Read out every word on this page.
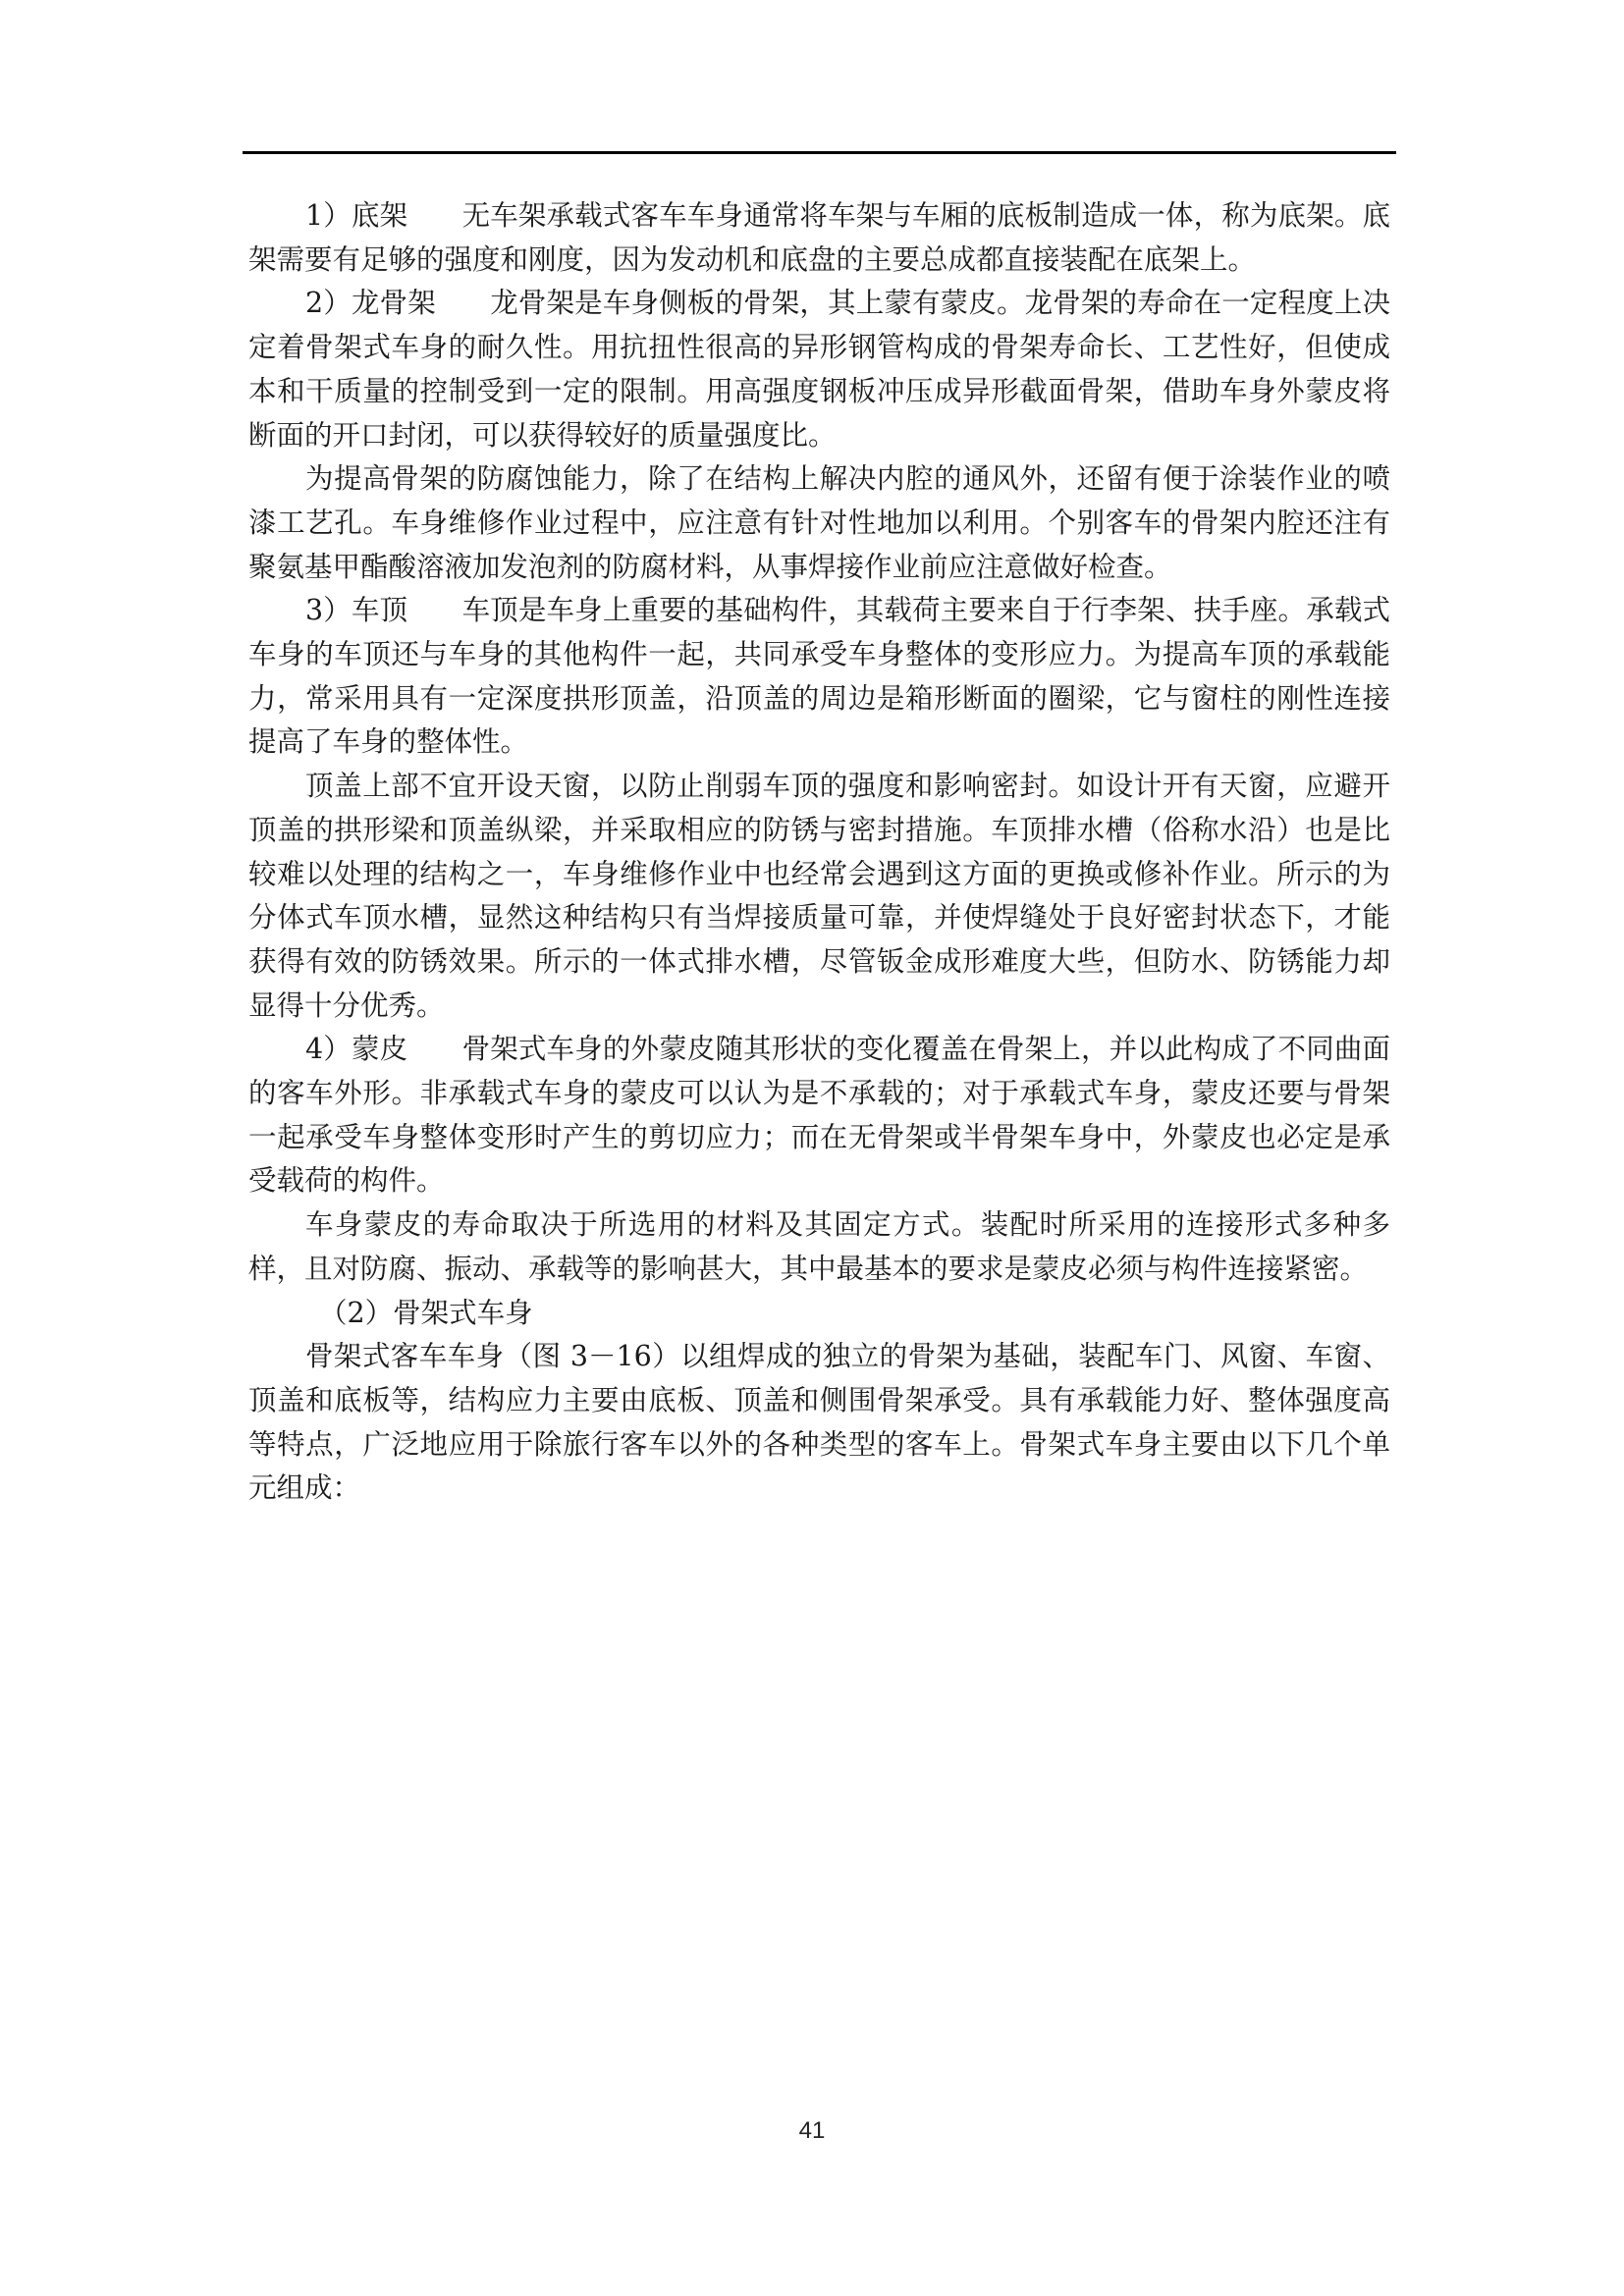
1）底架 无车架承载式客车车身通常将车架与车厢的底板制造成一体，称为底架。底架需要有足够的强度和刚度，因为发动机和底盘的主要总成都直接装配在底架上。

2）龙骨架 龙骨架是车身侧板的骨架，其上蒙有蒙皮。龙骨架的寿命在一定程度上决定着骨架式车身的耐久性。用抗扭性很高的异形钢管构成的骨架寿命长、工艺性好，但使成本和干质量的控制受到一定的限制。用高强度钢板冲压成异形截面骨架，借助车身外蒙皮将断面的开口封闭，可以获得较好的质量强度比。

为提高骨架的防腐蚀能力，除了在结构上解决内腔的通风外，还留有便于涂装作业的喷漆工艺孔。车身维修作业过程中，应注意有针对性地加以利用。个别客车的骨架内腔还注有聚氨基甲酯酸溶液加发泡剂的防腐材料，从事焊接作业前应注意做好检查。

3）车顶 车顶是车身上重要的基础构件，其载荷主要来自于行李架、扶手座。承载式车身的车顶还与车身的其他构件一起，共同承受车身整体的变形应力。为提高车顶的承载能力，常采用具有一定深度拱形顶盖，沿顶盖的周边是箱形断面的圈梁，它与窗柱的刚性连接提高了车身的整体性。

顶盖上部不宜开设天窗，以防止削弱车顶的强度和影响密封。如设计开有天窗，应避开顶盖的拱形梁和顶盖纵梁，并采取相应的防锈与密封措施。车顶排水槽（俗称水沿）也是比较难以处理的结构之一，车身维修作业中也经常会遇到这方面的更换或修补作业。所示的为分体式车顶水槽，显然这种结构只有当焊接质量可靠，并使焊缝处于良好密封状态下，才能获得有效的防锈效果。所示的一体式排水槽，尽管钣金成形难度大些，但防水、防锈能力却显得十分优秀。

4）蒙皮 骨架式车身的外蒙皮随其形状的变化覆盖在骨架上，并以此构成了不同曲面的客车外形。非承载式车身的蒙皮可以认为是不承载的；对于承载式车身，蒙皮还要与骨架一起承受车身整体变形时产生的剪切应力；而在无骨架或半骨架车身中，外蒙皮也必定是承受载荷的构件。

车身蒙皮的寿命取决于所选用的材料及其固定方式。装配时所采用的连接形式多种多样，且对防腐、振动、承载等的影响甚大，其中最基本的要求是蒙皮必须与构件连接紧密。

（2）骨架式车身

骨架式客车车身（图 3－16）以组焊成的独立的骨架为基础，装配车门、风窗、车窗、顶盖和底板等，结构应力主要由底板、顶盖和侧围骨架承受。具有承载能力好、整体强度高等特点，广泛地应用于除旅行客车以外的各种类型的客车上。骨架式车身主要由以下几个单元组成：

41
